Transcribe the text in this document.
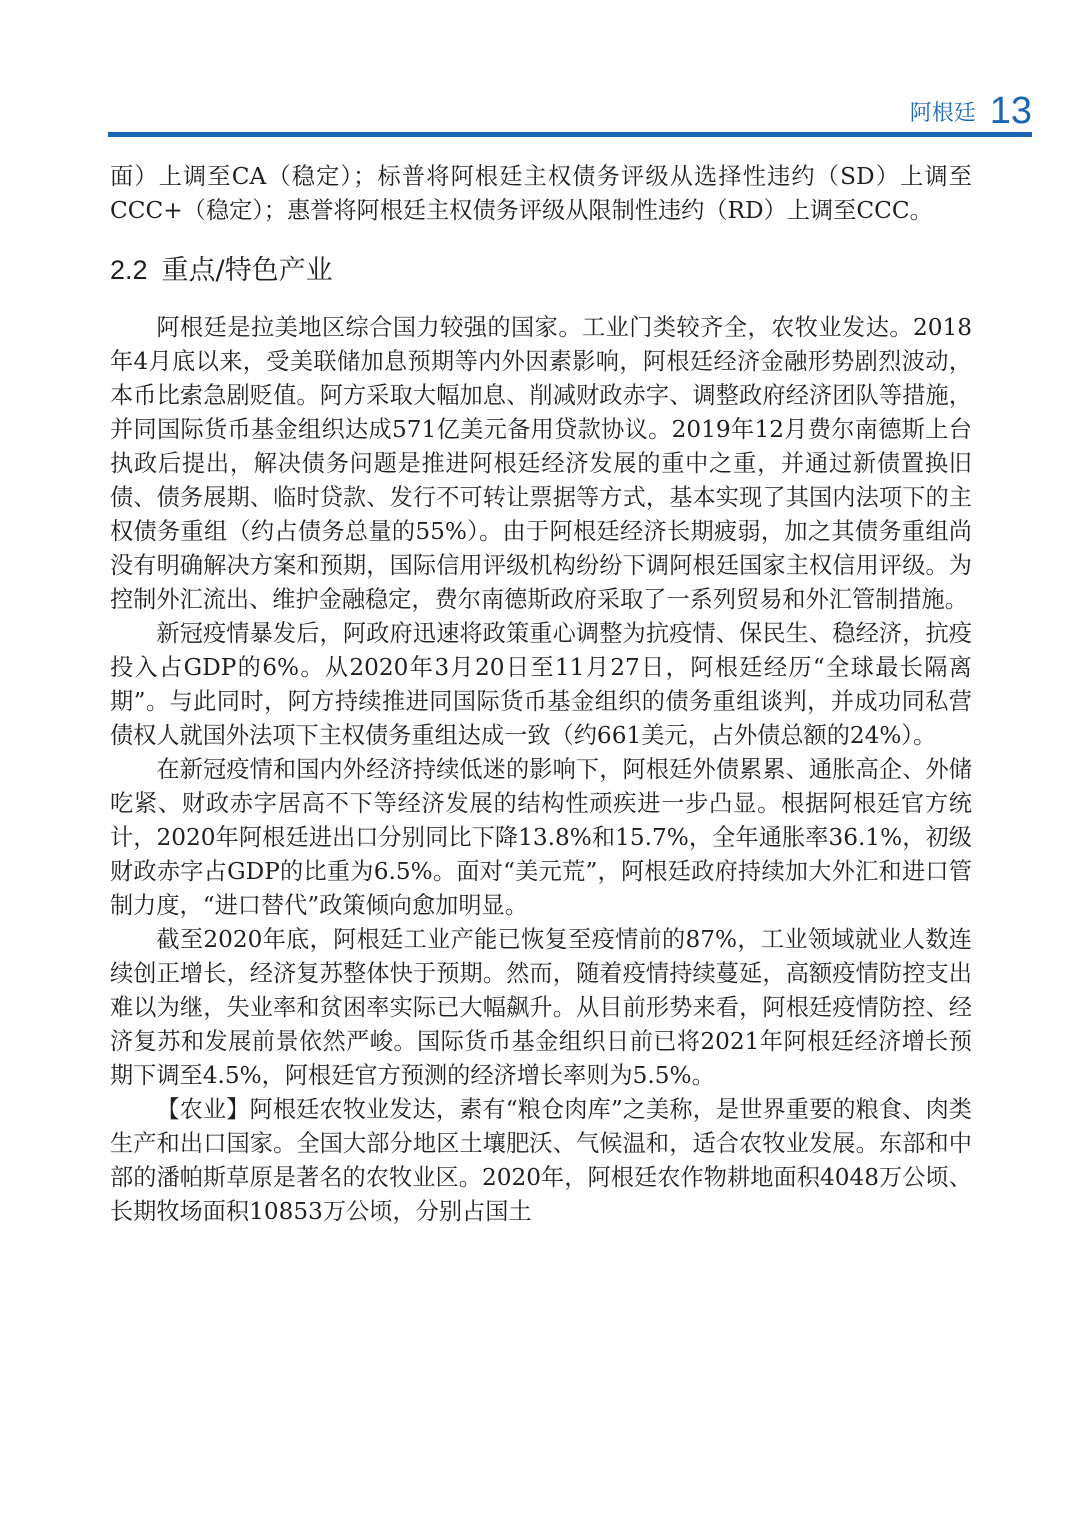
阿根廷 13

面）上调至CA（稳定）；标普将阿根廷主权债务评级从选择性违约（SD）上调至CCC+（稳定）；惠誉将阿根廷主权债务评级从限制性违约（RD）上调至CCC。

2.2 重点/特色产业

阿根廷是拉美地区综合国力较强的国家。工业门类较齐全，农牧业发达。2018年4月底以来，受美联储加息预期等内外因素影响，阿根廷经济金融形势剧烈波动，本币比索急剧贬值。阿方采取大幅加息、削减财政赤字、调整政府经济团队等措施，并同国际货币基金组织达成571亿美元备用贷款协议。2019年12月费尔南德斯上台执政后提出，解决债务问题是推进阿根廷经济发展的重中之重，并通过新债置换旧债、债务展期、临时贷款、发行不可转让票据等方式，基本实现了其国内法项下的主权债务重组（约占债务总量的55%）。由于阿根廷经济长期疲弱，加之其债务重组尚没有明确解决方案和预期，国际信用评级机构纷纷下调阿根廷国家主权信用评级。为控制外汇流出、维护金融稳定，费尔南德斯政府采取了一系列贸易和外汇管制措施。

新冠疫情暴发后，阿政府迅速将政策重心调整为抗疫情、保民生、稳经济，抗疫投入占GDP的6%。从2020年3月20日至11月27日，阿根廷经历“全球最长隔离期”。与此同时，阿方持续推进同国际货币基金组织的债务重组谈判，并成功同私营债权人就国外法项下主权债务重组达成一致（约661美元，占外债总额的24%）。

在新冠疫情和国内外经济持续低迷的影响下，阿根廷外债累累、通胀高企、外储吃紧、财政赤字居高不下等经济发展的结构性顽疾进一步凸显。根据阿根廷官方统计，2020年阿根廷进出口分别同比下降13.8%和15.7%，全年通胀率36.1%，初级财政赤字占GDP的比重为6.5%。面对“美元荒”，阿根廷政府持续加大外汇和进口管制力度，“进口替代”政策倾向愈加明显。

截至2020年底，阿根廷工业产能已恢复至疫情前的87%，工业领域就业人数连续创正增长，经济复苏整体快于预期。然而，随着疫情持续蔓延，高额疫情防控支出难以为继，失业率和贫困率实际已大幅飙升。从目前形势来看，阿根廷疫情防控、经济复苏和发展前景依然严峻。国际货币基金组织日前已将2021年阿根廷经济增长预期下调至4.5%，阿根廷官方预测的经济增长率则为5.5%。

【农业】阿根廷农牧业发达，素有“粮仓肉库”之美称，是世界重要的粮食、肉类生产和出口国家。全国大部分地区土壤肥沃、气候温和，适合农牧业发展。东部和中部的潘帕斯草原是著名的农牧业区。2020年，阿根廷农作物耕地面积4048万公顷、长期牧场面积10853万公顷，分别占国土
